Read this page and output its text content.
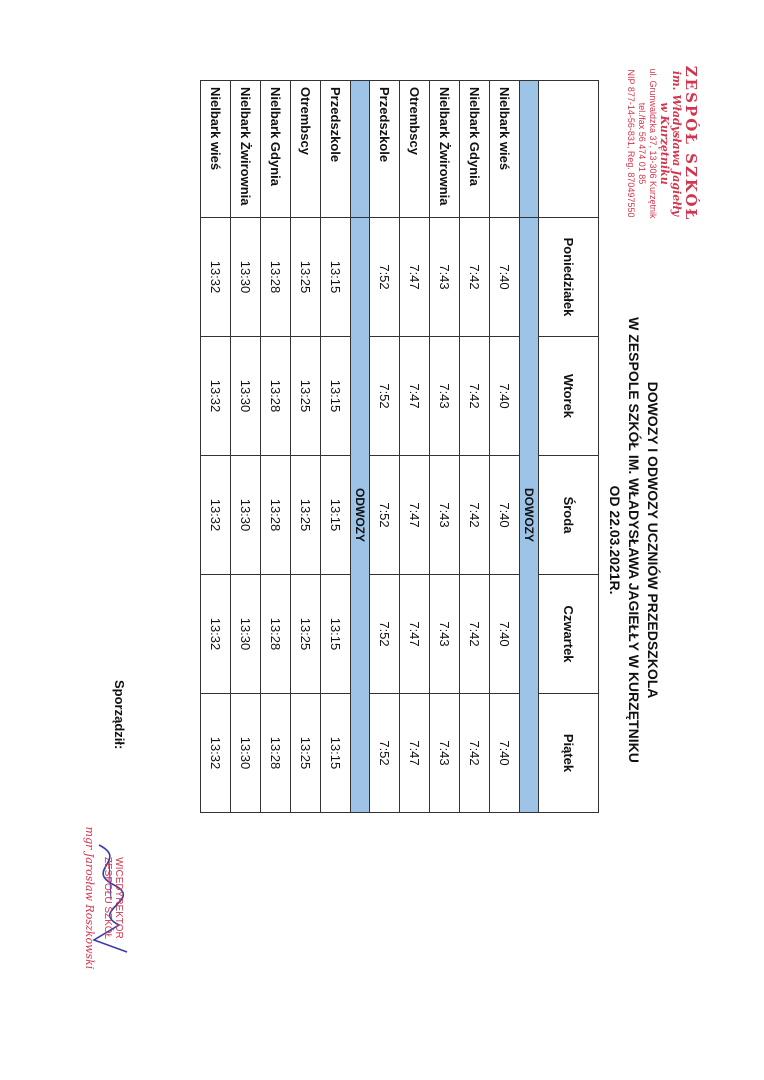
ZESPÓŁ SZKÓŁ
im. Władysława Jagiełły
w Kurzętniku
ul. Grunwaldzka 37, 13-306 Kurzętnik
tel./fax 56 474 01 85
NIP 877-14-56-831, Reg. 870497550
DOWOZY I ODWOZY UCZNIÓW PRZEDSZKOLA
W ZESPOLE SZKÓŁ IM. WŁADYSŁAWA JAGIEŁŁY W KURZĘTNIKU
OD 22.03.2021R.
	Poniedziałek	Wtorek	Środa	Czwartek	Piątek
	DOWOZY				
Nielbark wieś	7:40	7:40	7:40	7:40	7:40
Nielbark Gdynia	7:42	7:42	7:42	7:42	7:42
Nielbark Żwirownia	7:43	7:43	7:43	7:43	7:43
Otrembscy	7:47	7:47	7:47	7:47	7:47
Przedszkole	7:52	7:52	7:52	7:52	7:52
	ODWOZY				
Przedszkole	13:15	13:15	13:15	13:15	13:15
Otrembscy	13:25	13:25	13:25	13:25	13:25
Nielbark Gdynia	13:28	13:28	13:28	13:28	13:28
Nielbark Żwirownia	13:30	13:30	13:30	13:30	13:30
Nielbark wieś	13:32	13:32	13:32	13:32	13:32
Sporządził:
WICEDYREKTOR
ZESPOŁU SZKÓŁ
mgr Jarosław Roszkowski
